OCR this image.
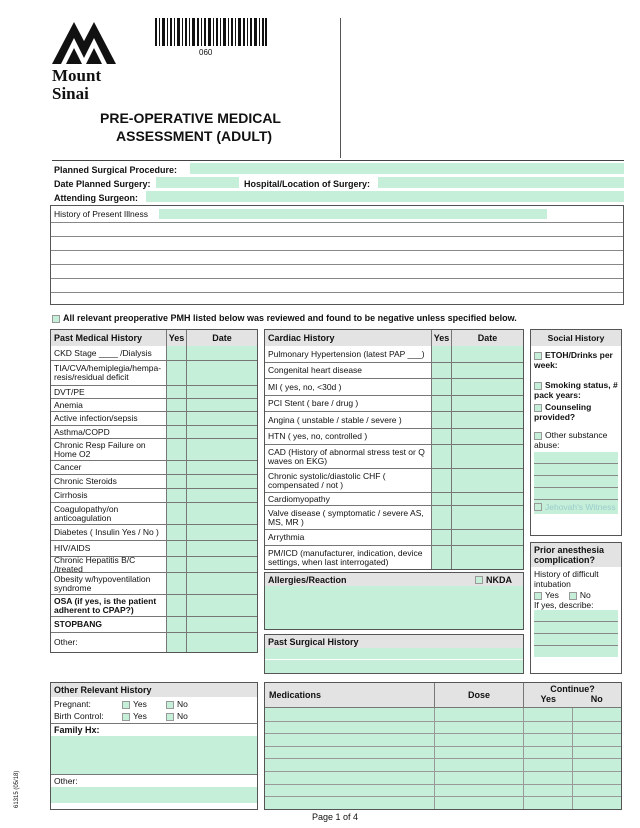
Mount
Sinai
060
PRE-OPERATIVE MEDICAL
ASSESSMENT (ADULT)
Planned Surgical Procedure:
Date Planned Surgery:	Hospital/Location of Surgery:
Attending Surgeon:
History of Present Illness
All relevant preoperative PMH listed below was reviewed and found to be negative unless specified below.
Past Medical History	Yes	Date
CKD Stage ____ /Dialysis
TIA/CVA/hemiplegia/hempa-resis/residual deficit
DVT/PE
Anemia
Active infection/sepsis
Asthma/COPD
Chronic Resp Failure on Home O2
Cancer
Chronic Steroids
Cirrhosis
Coagulopathy/on anticoagulation
Diabetes ( Insulin Yes / No )
HIV/AIDS
Chronic Hepatitis B/C /treated
Obesity w/hypoventilation syndrome
OSA (if yes, is the patient adherent to CPAP?)
STOPBANG
Other:
Cardiac History	Yes	Date
Pulmonary Hypertension (latest PAP ___)
Congenital heart disease
MI ( yes, no, <30d )
PCI Stent ( bare / drug )
Angina ( unstable / stable / severe )
HTN ( yes, no, controlled )
CAD (History of abnormal stress test or Q waves on EKG)
Chronic systolic/diastolic CHF ( compensated / not )
Cardiomyopathy
Valve disease ( symptomatic / severe AS, MS, MR )
Arrythmia
PM/ICD (manufacturer, indication, device settings, when last interrogated)
Allergies/Reaction	NKDA
Past Surgical History
Social History
ETOH/Drinks per week:
Smoking status, # pack years:
Counseling provided?
Other substance abuse:
Jehovah's Witness
Prior anesthesia complication?
History of difficult intubation
Yes No
If yes, describe:
Other Relevant History
Pregnant:	Yes	No
Birth Control:	Yes	No
Family Hx:
Other:
61315 (05/18)
Medications	Dose
Continue?
Yes	No
Page 1 of 4
